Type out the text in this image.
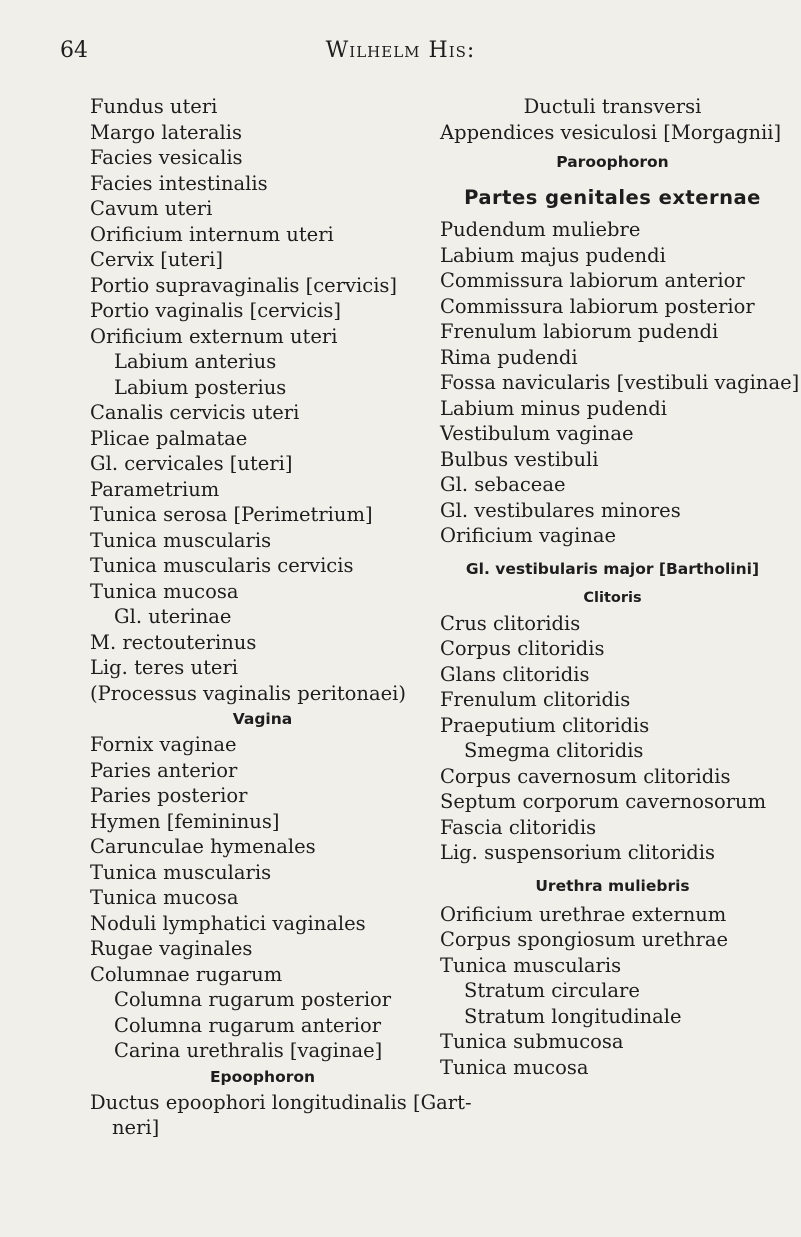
64	Wilhelm His:
Fundus uteri
Margo lateralis
Facies vesicalis
Facies intestinalis
Cavum uteri
Orificium internum uteri
Cervix [uteri]
Portio supravaginalis [cervicis]
Portio vaginalis [cervicis]
Orificium externum uteri
Labium anterius
Labium posterius
Canalis cervicis uteri
Plicae palmatae
Gl. cervicales [uteri]
Parametrium
Tunica serosa [Perimetrium]
Tunica muscularis
Tunica muscularis cervicis
Tunica mucosa
Gl. uterinae
M. rectouterinus
Lig. teres uteri
(Processus vaginalis peritonaei)
Vagina
Fornix vaginae
Paries anterior
Paries posterior
Hymen [femininus]
Carunculae hymenales
Tunica muscularis
Tunica mucosa
Noduli lymphatici vaginales
Rugae vaginales
Columnae rugarum
Columna rugarum posterior
Columna rugarum anterior
Carina urethralis [vaginae]
Epoophoron
Ductus epoophori longitudinalis [Gart-
neri]
Ductuli transversi
Appendices vesiculosi [Morgagnii]
Paroophoron
Partes genitales externae
Pudendum muliebre
Labium majus pudendi
Commissura labiorum anterior
Commissura labiorum posterior
Frenulum labiorum pudendi
Rima pudendi
Fossa navicularis [vestibuli vaginae]
Labium minus pudendi
Vestibulum vaginae
Bulbus vestibuli
Gl. sebaceae
Gl. vestibulares minores
Orificium vaginae
Gl. vestibularis major [Bartholini]
Clitoris
Crus clitoridis
Corpus clitoridis
Glans clitoridis
Frenulum clitoridis
Praeputium clitoridis
Smegma clitoridis
Corpus cavernosum clitoridis
Septum corporum cavernosorum
Fascia clitoridis
Lig. suspensorium clitoridis
Urethra muliebris
Orificium urethrae externum
Corpus spongiosum urethrae
Tunica muscularis
Stratum circulare
Stratum longitudinale
Tunica submucosa
Tunica mucosa
